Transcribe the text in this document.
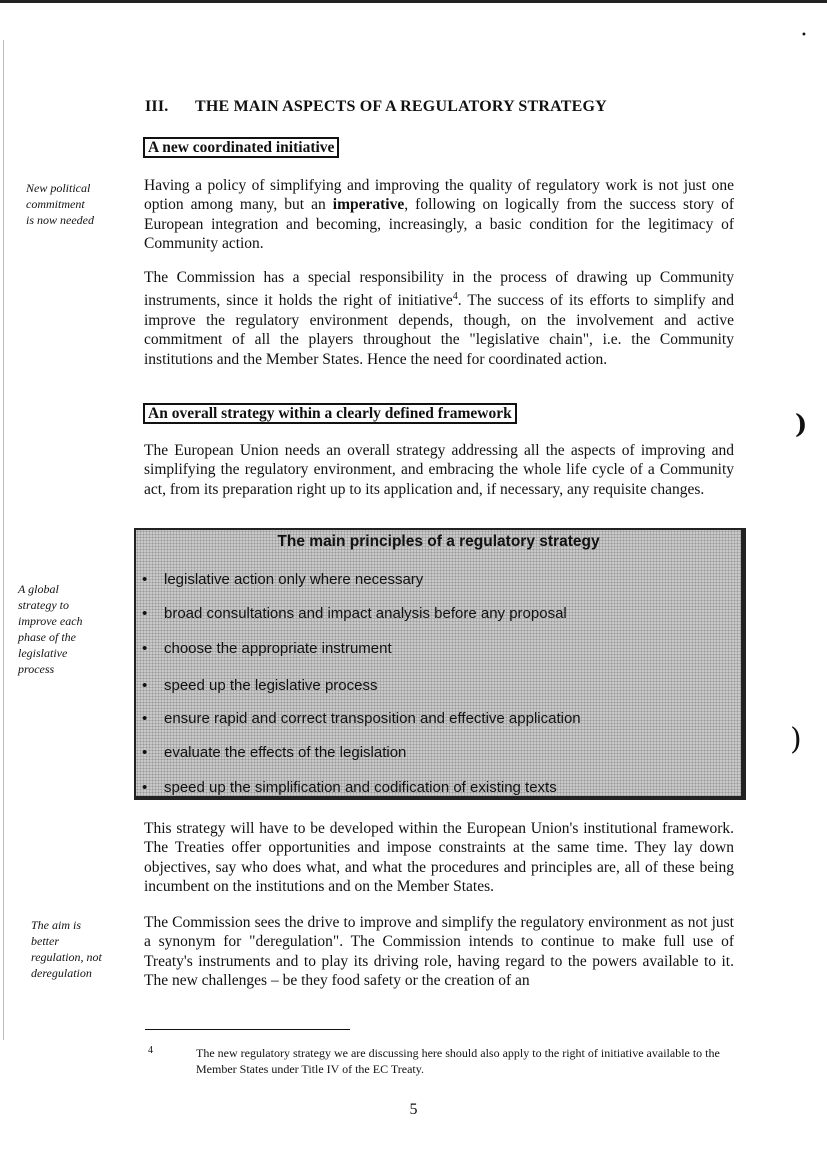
•
)
)
III. THE MAIN ASPECTS OF A REGULATORY STRATEGY
A new coordinated initiative
New political
commitment
is now needed

Having a policy of simplifying and improving the quality of regulatory work is not just one option among many, but an imperative, following on logically from the success story of European integration and becoming, increasingly, a basic condition for the legitimacy of Community action.

The Commission has a special responsibility in the process of drawing up Community instruments, since it holds the right of initiative$^4$. The success of its efforts to simplify and improve the regulatory environment depends, though, on the involvement and active commitment of all the players throughout the "legislative chain", i.e. the Community institutions and the Member States. Hence the need for coordinated action.

An overall strategy within a clearly defined framework

The European Union needs an overall strategy addressing all the aspects of improving and simplifying the regulatory environment, and embracing the whole life cycle of a Community act, from its preparation right up to its application and, if necessary, any requisite changes.

The main principles of a regulatory strategy
• legislative action only where necessary
• broad consultations and impact analysis before any proposal
• choose the appropriate instrument
• speed up the legislative process
• ensure rapid and correct transposition and effective application
• evaluate the effects of the legislation
• speed up the simplification and codification of existing texts
A global
strategy to
improve each
phase of the
legislative
process

This strategy will have to be developed within the European Union's institutional framework. The Treaties offer opportunities and impose constraints at the same time. They lay down objectives, say who does what, and what the procedures and principles are, all of these being incumbent on the institutions and on the Member States.

The aim is
better
regulation, not
deregulation

The Commission sees the drive to improve and simplify the regulatory environment as not just a synonym for "deregulation". The Commission intends to continue to make full use of Treaty's instruments and to play its driving role, having regard to the powers available to it. The new challenges – be they food safety or the creation of an

4	The new regulatory strategy we are discussing here should also apply to the right of initiative available to the Member States under Title IV of the EC Treaty.

5
